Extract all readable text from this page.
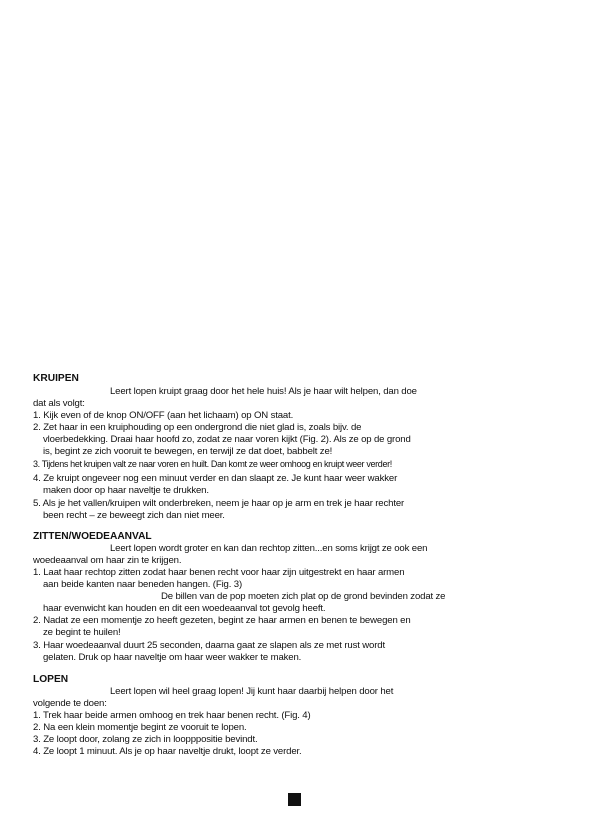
KRUIPEN
Leert lopen kruipt graag door het hele huis! Als je haar wilt helpen, dan doe
dat als volgt:
1. Kijk even of de knop ON/OFF (aan het lichaam) op ON staat.
2. Zet haar in een kruiphouding op een ondergrond die niet glad is, zoals bijv. de
vloerbedekking. Draai haar hoofd zo, zodat ze naar voren kijkt (Fig. 2). Als ze op de grond
is, begint ze zich vooruit te bewegen, en terwijl ze dat doet, babbelt ze!
3. Tijdens het kruipen valt ze naar voren en huilt. Dan komt ze weer omhoog en kruipt weer verder!
4. Ze kruipt ongeveer nog een minuut verder en dan slaapt ze. Je kunt haar weer wakker
maken door op haar naveltje te drukken.
5. Als je het vallen/kruipen wilt onderbreken, neem je haar op je arm en trek je haar rechter
been recht – ze beweegt zich dan niet meer.
ZITTEN/WOEDEAANVAL
Leert lopen wordt groter en kan dan rechtop zitten...en soms krijgt ze ook een
woedeaanval om haar zin te krijgen.
1. Laat haar rechtop zitten zodat haar benen recht voor haar zijn uitgestrekt en haar armen
aan beide kanten naar beneden hangen. (Fig. 3)
De billen van de pop moeten zich plat op de grond bevinden zodat ze
haar evenwicht kan houden en dit een woedeaanval tot gevolg heeft.
2. Nadat ze een momentje zo heeft gezeten, begint ze haar armen en benen te bewegen en
ze begint te huilen!
3. Haar woedeaanval duurt 25 seconden, daarna gaat ze slapen als ze met rust wordt
gelaten. Druk op haar naveltje om haar weer wakker te maken.
LOPEN
Leert lopen wil heel graag lopen! Jij kunt haar daarbij helpen door het
volgende te doen:
1. Trek haar beide armen omhoog en trek haar benen recht. (Fig. 4)
2. Na een klein momentje begint ze vooruit te lopen.
3. Ze loopt door, zolang ze zich in loopppositie bevindt.
4. Ze loopt 1 minuut. Als je op haar naveltje drukt, loopt ze verder.
